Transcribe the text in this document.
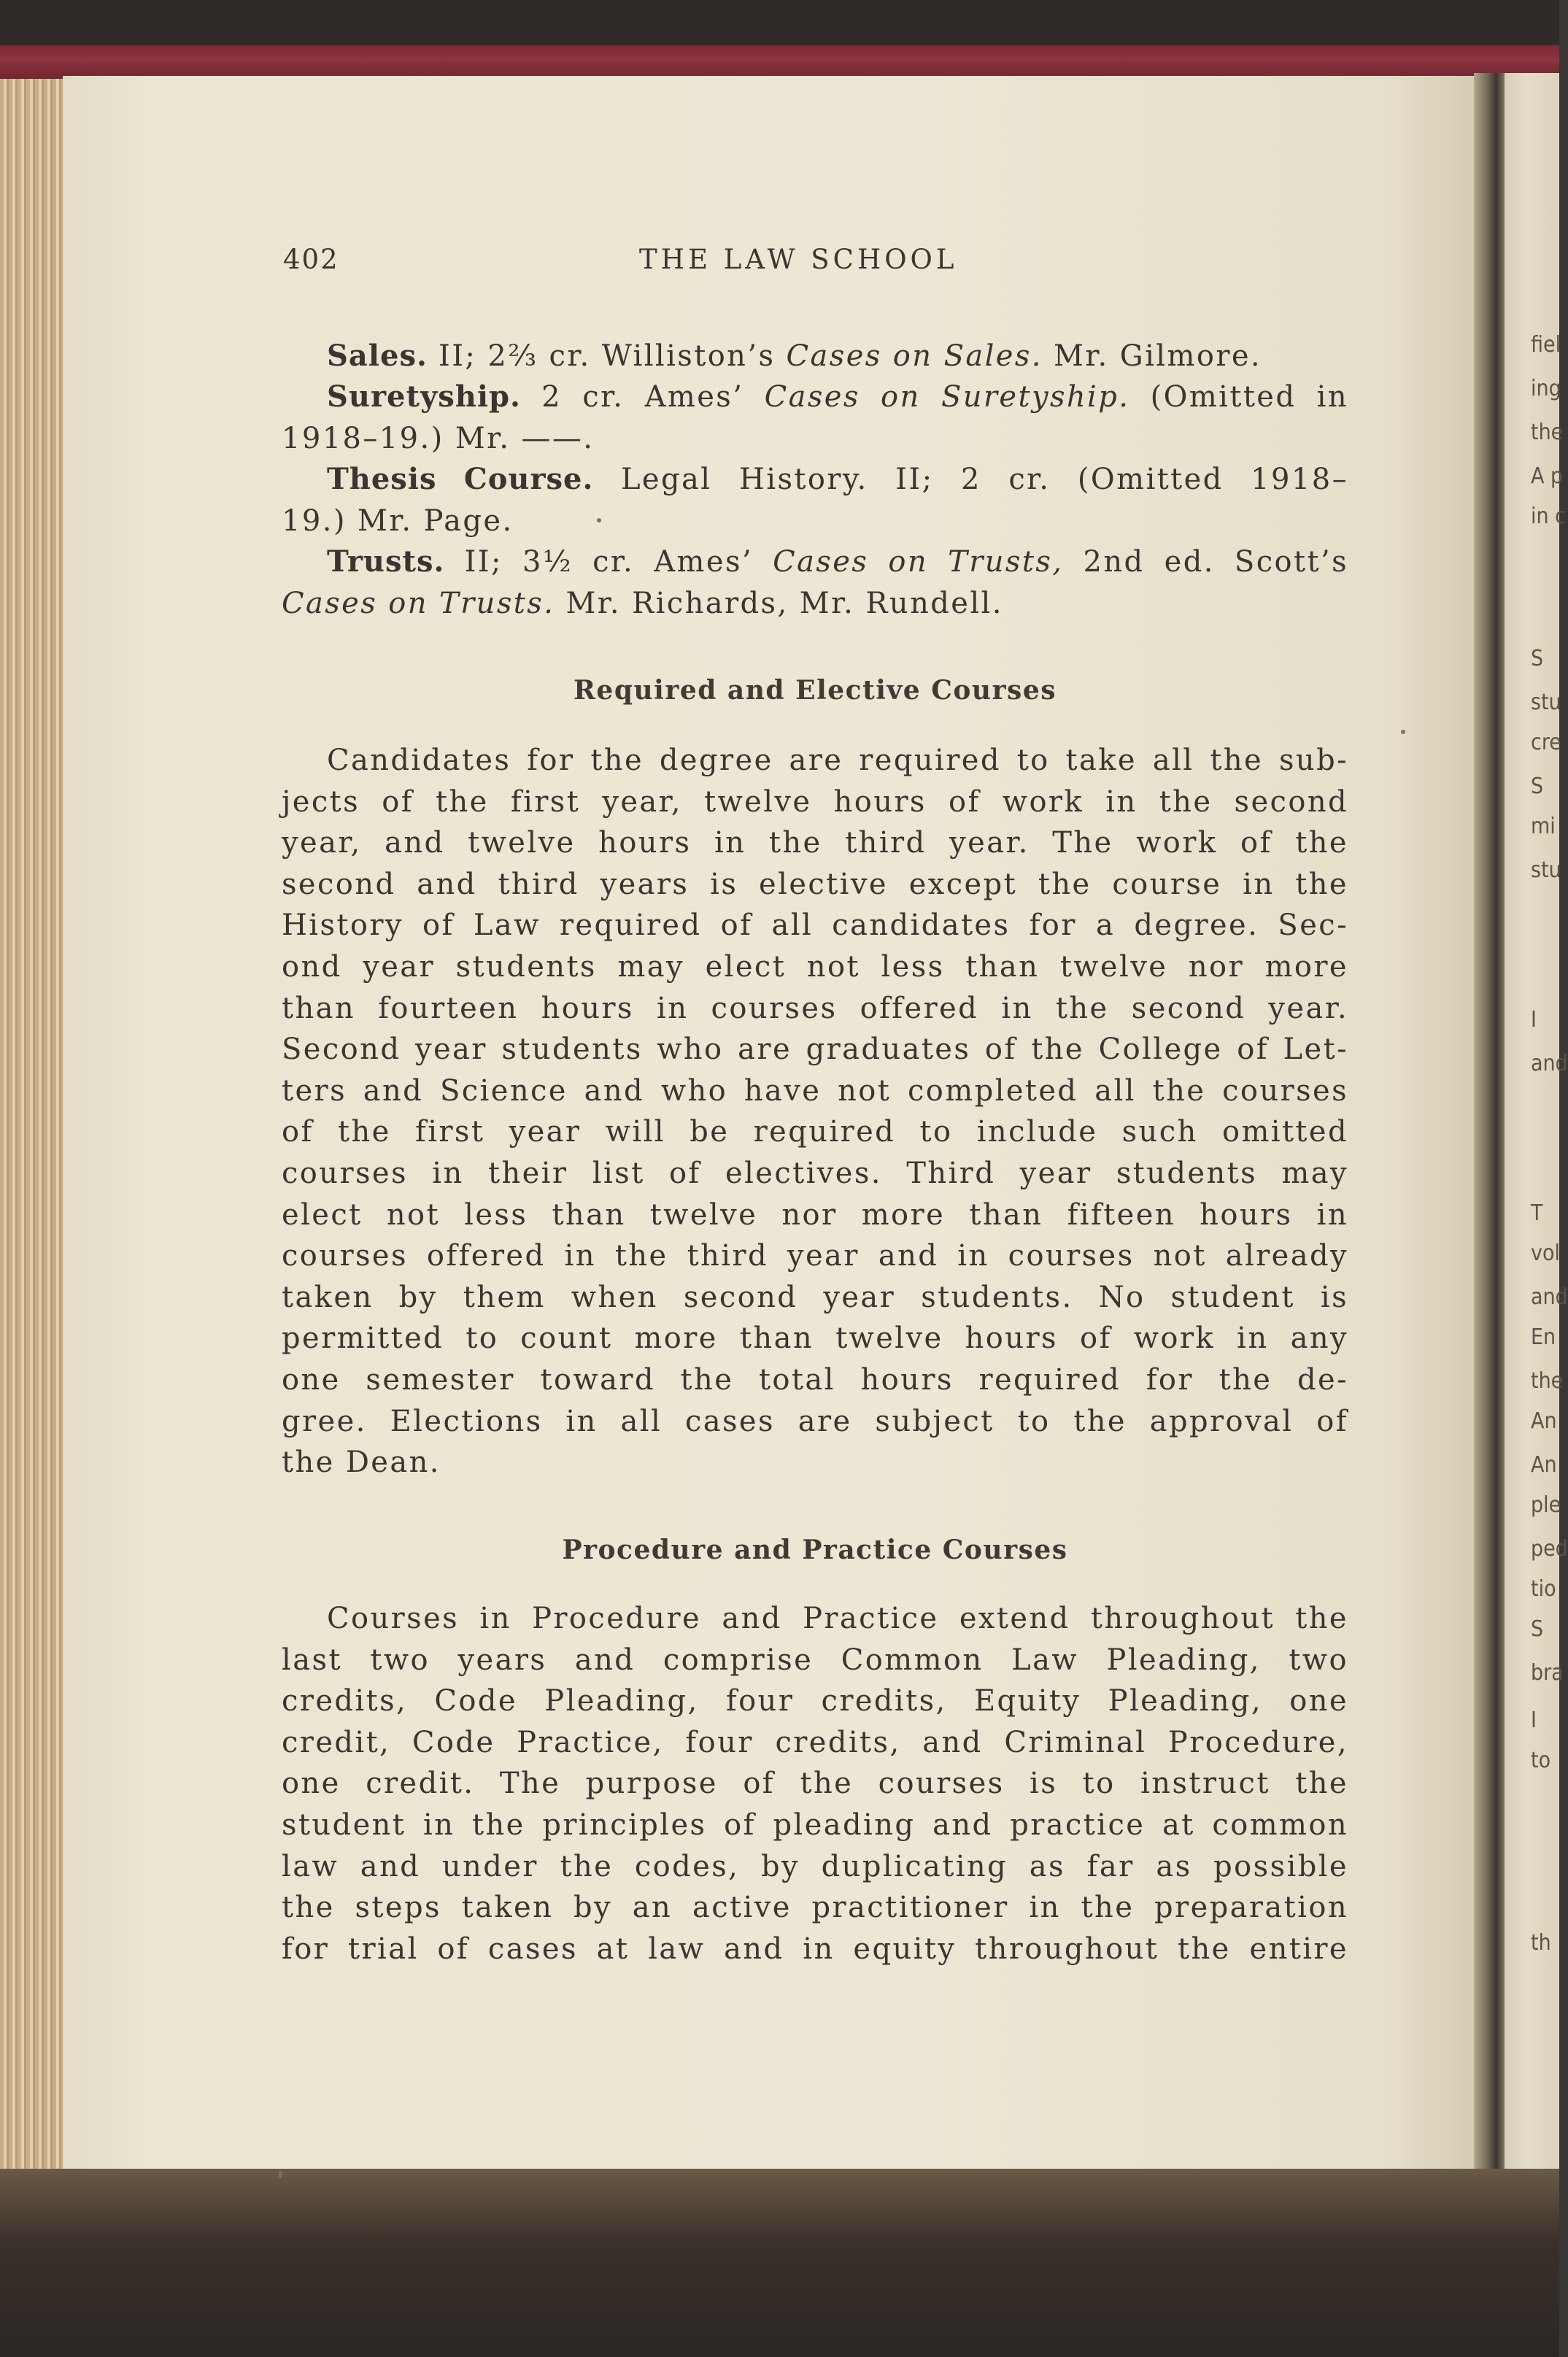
fiel
ing
the
A p
in c
S
stu
cre
S
mi
stu
I
and
T
vol
and
En
the
An
An
ple
ped
tio
S
bra
I
to
th
402	THE LAW SCHOOL
Sales. II; 2⅔ cr. Williston’s Cases on Sales. Mr. Gilmore.
Suretyship. 2 cr. Ames’ Cases on Suretyship. (Omitted in
1918–19.) Mr. ——.
Thesis Course. Legal History. II; 2 cr. (Omitted 1918–
19.) Mr. Page.
Trusts. II; 3½ cr. Ames’ Cases on Trusts, 2nd ed. Scott’s
Cases on Trusts. Mr. Richards, Mr. Rundell.
Required and Elective Courses
Candidates for the degree are required to take all the sub-
jects of the first year, twelve hours of work in the second
year, and twelve hours in the third year. The work of the
second and third years is elective except the course in the
History of Law required of all candidates for a degree. Sec-
ond year students may elect not less than twelve nor more
than fourteen hours in courses offered in the second year.
Second year students who are graduates of the College of Let-
ters and Science and who have not completed all the courses
of the first year will be required to include such omitted
courses in their list of electives. Third year students may
elect not less than twelve nor more than fifteen hours in
courses offered in the third year and in courses not already
taken by them when second year students. No student is
permitted to count more than twelve hours of work in any
one semester toward the total hours required for the de-
gree. Elections in all cases are subject to the approval of
the Dean.
Procedure and Practice Courses
Courses in Procedure and Practice extend throughout the
last two years and comprise Common Law Pleading, two
credits, Code Pleading, four credits, Equity Pleading, one
credit, Code Practice, four credits, and Criminal Procedure,
one credit. The purpose of the courses is to instruct the
student in the principles of pleading and practice at common
law and under the codes, by duplicating as far as possible
the steps taken by an active practitioner in the preparation
for trial of cases at law and in equity throughout the entire
